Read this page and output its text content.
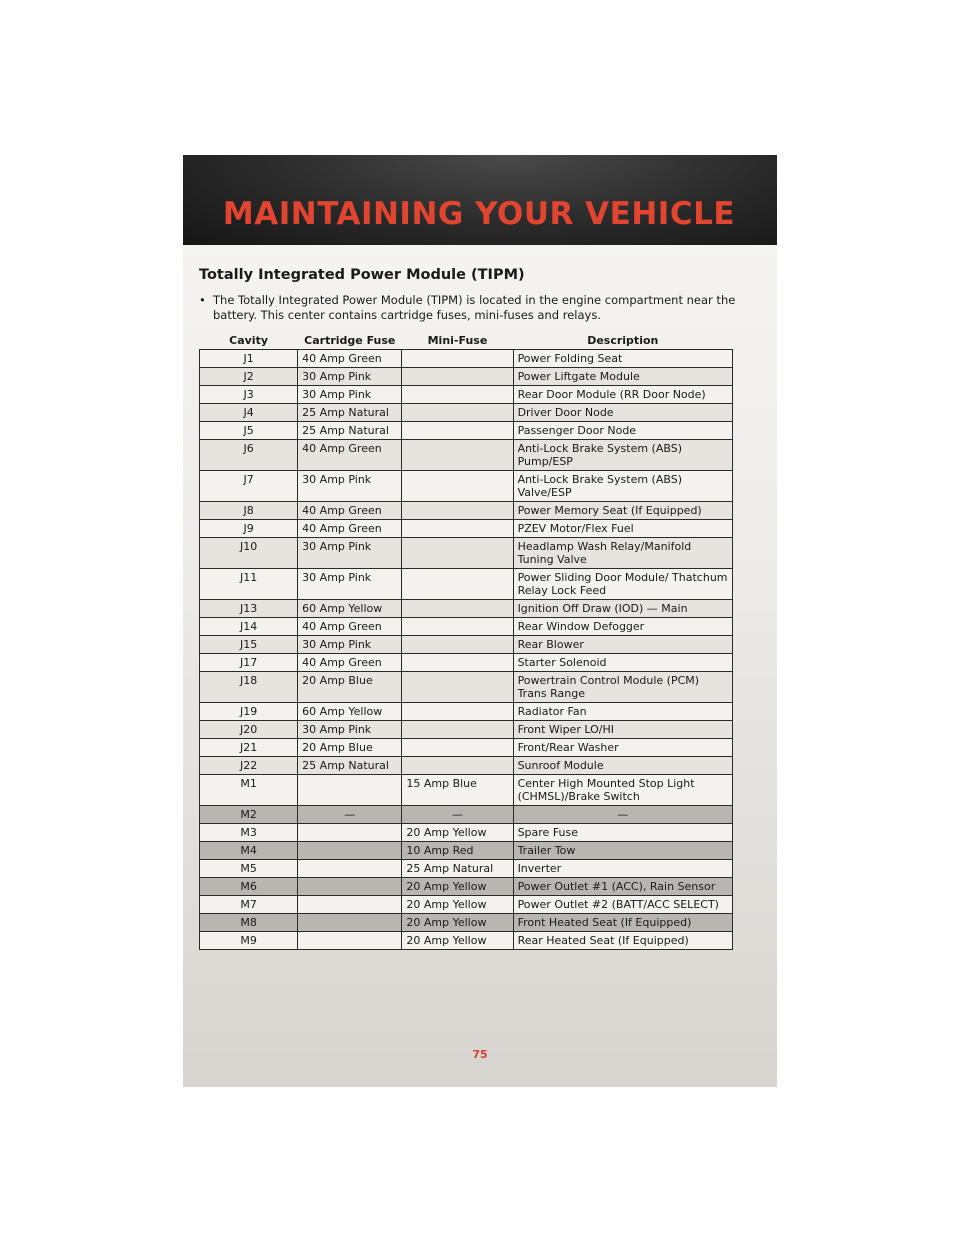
MAINTAINING YOUR VEHICLE
Totally Integrated Power Module (TIPM)
• The Totally Integrated Power Module (TIPM) is located in the engine compartment near the battery. This center contains cartridge fuses, mini-fuses and relays.
Cavity	Cartridge Fuse	Mini-Fuse	Description
J1	40 Amp Green		Power Folding Seat
J2	30 Amp Pink		Power Liftgate Module
J3	30 Amp Pink		Rear Door Module (RR Door Node)
J4	25 Amp Natural		Driver Door Node
J5	25 Amp Natural		Passenger Door Node
J6	40 Amp Green		Anti-Lock Brake System (ABS) Pump/ESP
J7	30 Amp Pink		Anti-Lock Brake System (ABS) Valve/ESP
J8	40 Amp Green		Power Memory Seat (If Equipped)
J9	40 Amp Green		PZEV Motor/Flex Fuel
J10	30 Amp Pink		Headlamp Wash Relay/Manifold Tuning Valve
J11	30 Amp Pink		Power Sliding Door Module/ Thatchum Relay Lock Feed
J13	60 Amp Yellow		Ignition Off Draw (IOD) — Main
J14	40 Amp Green		Rear Window Defogger
J15	30 Amp Pink		Rear Blower
J17	40 Amp Green		Starter Solenoid
J18	20 Amp Blue		Powertrain Control Module (PCM) Trans Range
J19	60 Amp Yellow		Radiator Fan
J20	30 Amp Pink		Front Wiper LO/HI
J21	20 Amp Blue		Front/Rear Washer
J22	25 Amp Natural		Sunroof Module
M1		15 Amp Blue	Center High Mounted Stop Light (CHMSL)/Brake Switch
M2	—	—	—
M3		20 Amp Yellow	Spare Fuse
M4		10 Amp Red	Trailer Tow
M5		25 Amp Natural	Inverter
M6		20 Amp Yellow	Power Outlet #1 (ACC), Rain Sensor
M7		20 Amp Yellow	Power Outlet #2 (BATT/ACC SELECT)
M8		20 Amp Yellow	Front Heated Seat (If Equipped)
M9		20 Amp Yellow	Rear Heated Seat (If Equipped)
75
